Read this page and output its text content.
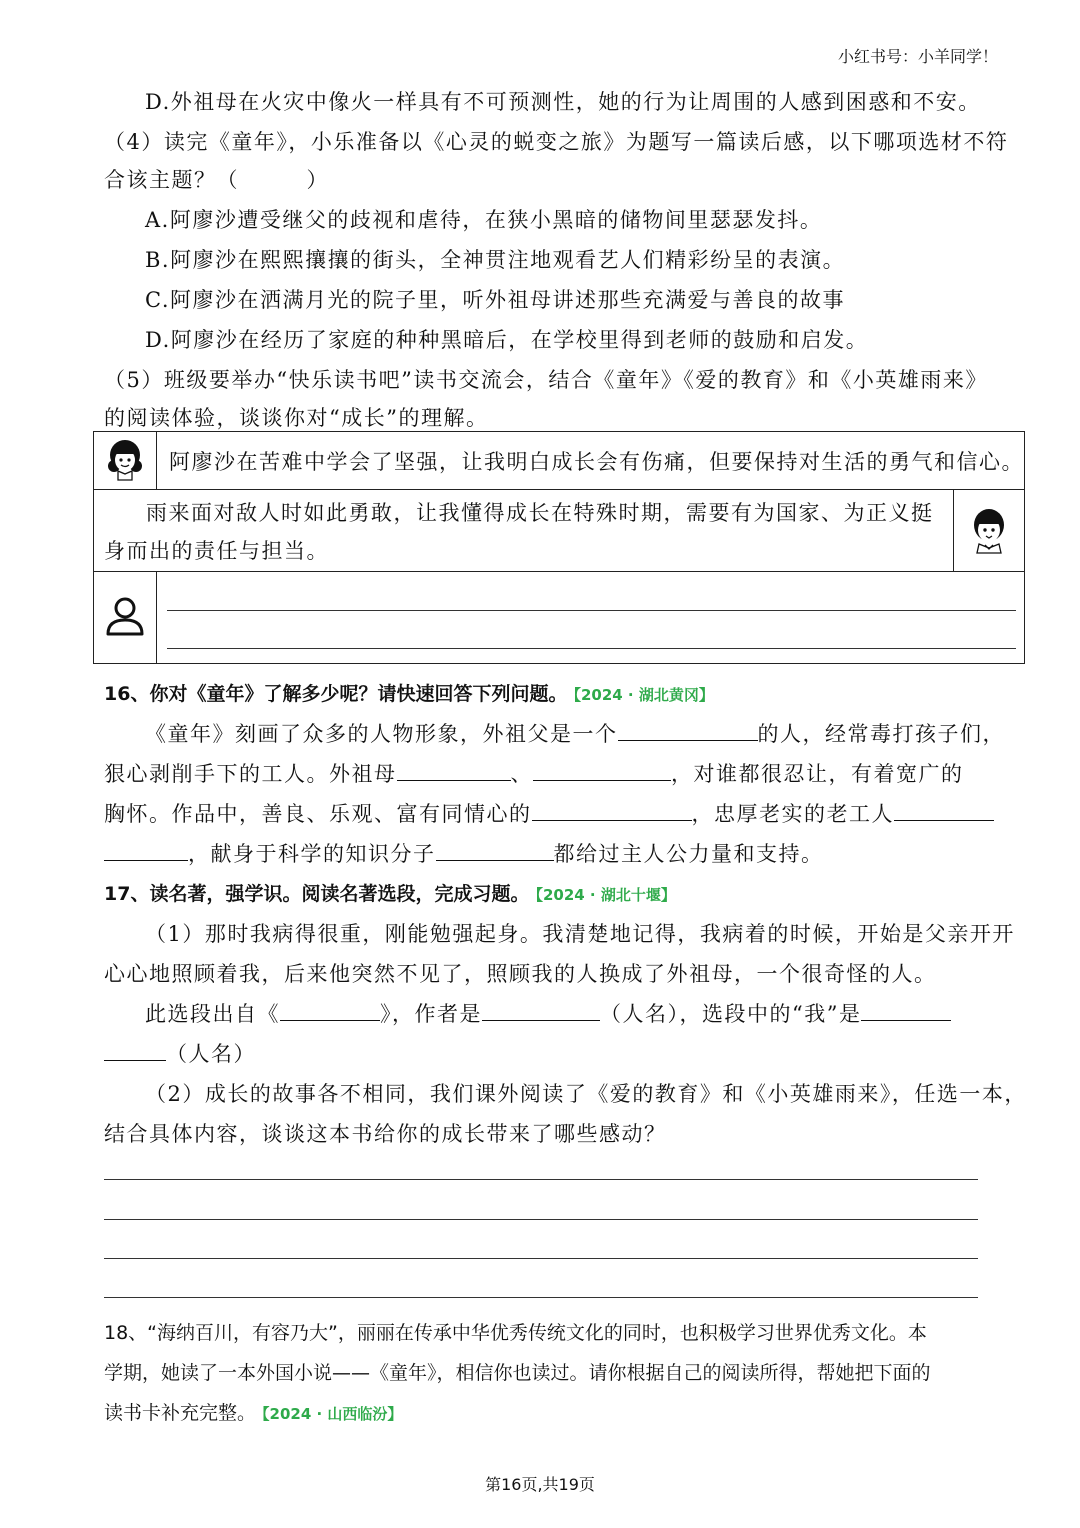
小红书号：小羊同学！
D.外祖母在火灾中像火一样具有不可预测性，她的行为让周围的人感到困惑和不安。
（4）读完《童年》，小乐准备以《心灵的蜕变之旅》为题写一篇读后感，以下哪项选材不符
合该主题？（　　　）
A.阿廖沙遭受继父的歧视和虐待，在狭小黑暗的储物间里瑟瑟发抖。
B.阿廖沙在熙熙攘攘的街头，全神贯注地观看艺人们精彩纷呈的表演。
C.阿廖沙在洒满月光的院子里，听外祖母讲述那些充满爱与善良的故事
D.阿廖沙在经历了家庭的种种黑暗后，在学校里得到老师的鼓励和启发。
（5）班级要举办“快乐读书吧”读书交流会，结合《童年》《爱的教育》和《小英雄雨来》
的阅读体验，谈谈你对“成长”的理解。
	阿廖沙在苦难中学会了坚强，让我明白成长会有伤痛，但要保持对生活的勇气和信心。	

雨来面对敌人时如此勇敢，让我懂得成长在特殊时期，需要有为国家、为正义挺
身而出的责任与担当。

16、你对《童年》了解多少呢？请快速回答下列问题。 【2024 · 湖北黄冈】
《童年》刻画了众多的人物形象，外祖父是一个	的人，经常毒打孩子们，
狠心剥削手下的工人。外祖母	、	，对谁都很忍让，有着宽广的
胸怀。作品中，善良、乐观、富有同情心的	，忠厚老实的老工人
，献身于科学的知识分子	都给过主人公力量和支持。
17、读名著，强学识。阅读名著选段，完成习题。 【2024 · 湖北十堰】
（1）那时我病得很重，刚能勉强起身。我清楚地记得，我病着的时候，开始是父亲开开
心心地照顾着我，后来他突然不见了，照顾我的人换成了外祖母，一个很奇怪的人。
此选段出自《	》，作者是	（人名），选段中的“我”是
（人名）
（2）成长的故事各不相同，我们课外阅读了《爱的教育》和《小英雄雨来》，任选一本，
结合具体内容，谈谈这本书给你的成长带来了哪些感动？
18、“海纳百川，有容乃大”，丽丽在传承中华优秀传统文化的同时，也积极学习世界优秀文化。本
学期，她读了一本外国小说——《童年》，相信你也读过。请你根据自己的阅读所得，帮她把下面的
读书卡补充完整。 【2024 · 山西临汾】
第16页,共19页
